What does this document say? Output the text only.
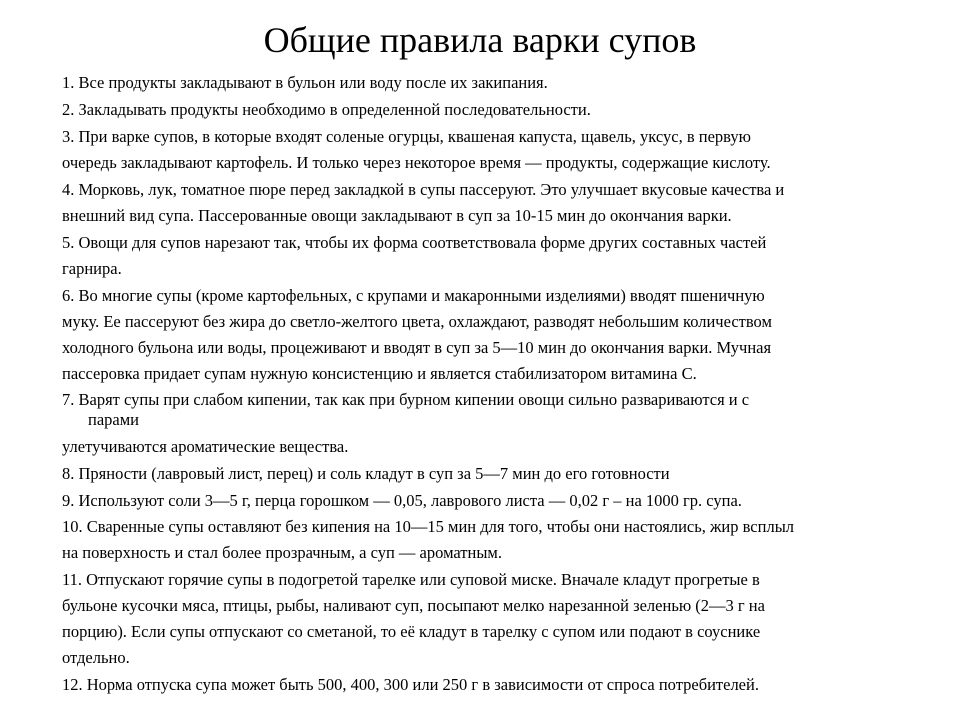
Общие правила варки супов
1. Все продукты закладывают в бульон или воду после их закипания.
2. Закладывать продукты необходимо в определенной последовательности.
3. При варке супов, в которые входят соленые огурцы, квашеная капуста, щавель, уксус, в первую
очередь закладывают картофель. И только через некоторое время — продукты, содержащие кислоту.
4. Морковь, лук, томатное пюре перед закладкой в супы пассеруют. Это улучшает вкусовые качества и
внешний вид супа. Пассерованные овощи закладывают в суп за 10-15 мин до окончания варки.
5. Овощи для супов нарезают так, чтобы их форма соответствовала форме других составных частей
гарнира.
6. Во многие супы (кроме картофельных, с крупами и макаронными изделиями) вводят пшеничную
муку. Ее пассеруют без жира до светло-желтого цвета, охлаждают, разводят небольшим количеством
холодного бульона или воды, процеживают и вводят в суп за 5—10 мин до окончания варки. Мучная
пассеровка придает супам нужную консистенцию и является стабилизатором витамина С.
7. Варят супы при слабом кипении, так как при бурном кипении овощи сильно развариваются и с
парами
улетучиваются ароматические вещества.
8. Пряности (лавровый лист, перец) и соль кладут в суп за 5—7 мин до его готовности
9. Используют соли 3—5 г, перца горошком — 0,05, лаврового листа — 0,02 г – на 1000 гр. супа.
10. Сваренные супы оставляют без кипения на 10—15 мин для того, чтобы они настоялись, жир всплыл
на поверхность и стал более прозрачным, а суп — ароматным.
11. Отпускают горячие супы в подогретой тарелке или суповой миске. Вначале кладут прогретые в
бульоне кусочки мяса, птицы, рыбы, наливают суп, посыпают мелко нарезанной зеленью (2—3 г на
порцию). Если супы отпускают со сметаной, то её кладут в тарелку с супом или подают в соуснике
отдельно.
12. Норма отпуска супа может быть 500, 400, 300 или 250 г в зависимости от спроса потребителей.
